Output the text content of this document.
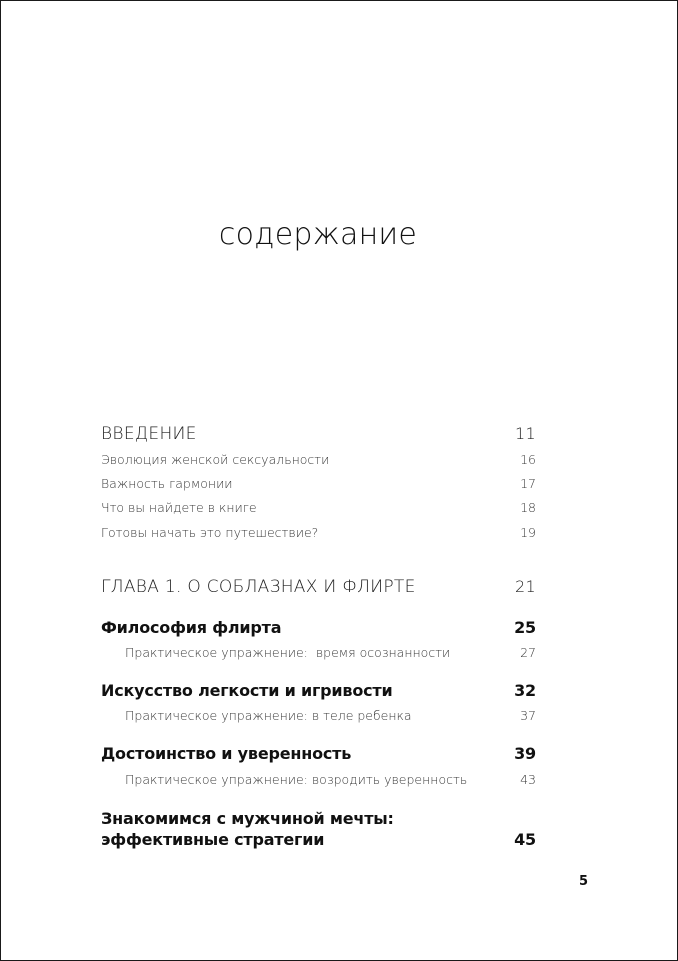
содержание
ВВЕДЕНИЕ	11
Эволюция женской сексуальности	16
Важность гармонии	17
Что вы найдете в книге	18
Готовы начать это путешествие?	19
ГЛАВА 1. О СОБЛАЗНАХ И ФЛИРТЕ	21
Философия флирта	25
Практическое упражнение:  время осознанности	27
Искусство легкости и игривости	32
Практическое упражнение: в теле ребенка	37
Достоинство и уверенность	39
Практическое упражнение: возродить уверенность	43
Знакомимся с мужчиной мечты:
эффективные стратегии	45
5
